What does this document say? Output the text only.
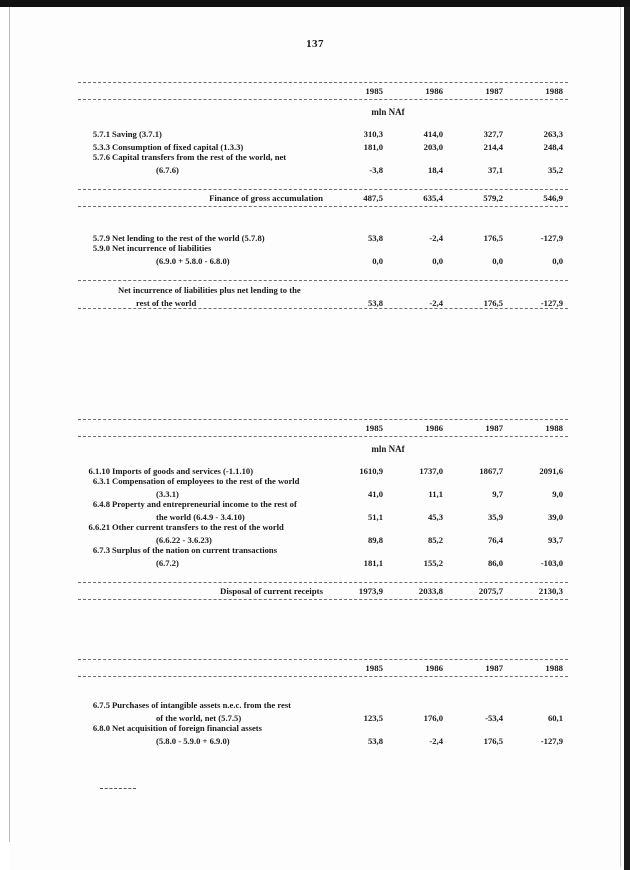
137
		1985	1986	1987	1988
		mln NAf			
5.7.1	Saving (3.7.1)	310,3	414,0	327,7	263,3
5.3.3	Consumption of fixed capital (1.3.3)	181,0	203,0	214,4	248,4
5.7.6	Capital transfers from the rest of the world, net				
	(6.7.6)	-3,8	18,4	37,1	35,2

Finance of gross accumulation	487,5	635,4	579,2	546,9

5.7.9	Net lending to the rest of the world (5.7.8)	53,8	-2,4	176,5	-127,9
5.9.0	Net incurrence of liabilities				
	(6.9.0 + 5.8.0 - 6.8.0)	0,0	0,0	0,0	0,0

Net incurrence of liabilities plus net lending to the				
rest of the world	53,8	-2,4	176,5	-127,9
		1985	1986	1987	1988
		mln NAf			
6.1.10	Imports of goods and services (-1.1.10)	1610,9	1737,0	1867,7	2091,6
6.3.1	Compensation of employees to the rest of the world				
	(3.3.1)	41,0	11,1	9,7	9,0
6.4.8	Property and entrepreneurial income to the rest of				
	the world (6.4.9 - 3.4.10)	51,1	45,3	35,9	39,0
6.6.21	Other current transfers to the rest of the world				
	(6.6.22 - 3.6.23)	89,8	85,2	76,4	93,7
6.7.3	Surplus of the nation on current transactions				
	(6.7.2)	181,1	155,2	86,0	-103,0

Disposal of current receipts	1973,9	2033,8	2075,7	2130,3
		1985	1986	1987	1988

6.7.5	Purchases of intangible assets n.e.c. from the rest				
	of the world, net (5.7.5)	123,5	176,0	-53,4	60,1
6.8.0	Net acquisition of foreign financial assets				
	(5.8.0 - 5.9.0 + 6.9.0)	53,8	-2,4	176,5	-127,9
